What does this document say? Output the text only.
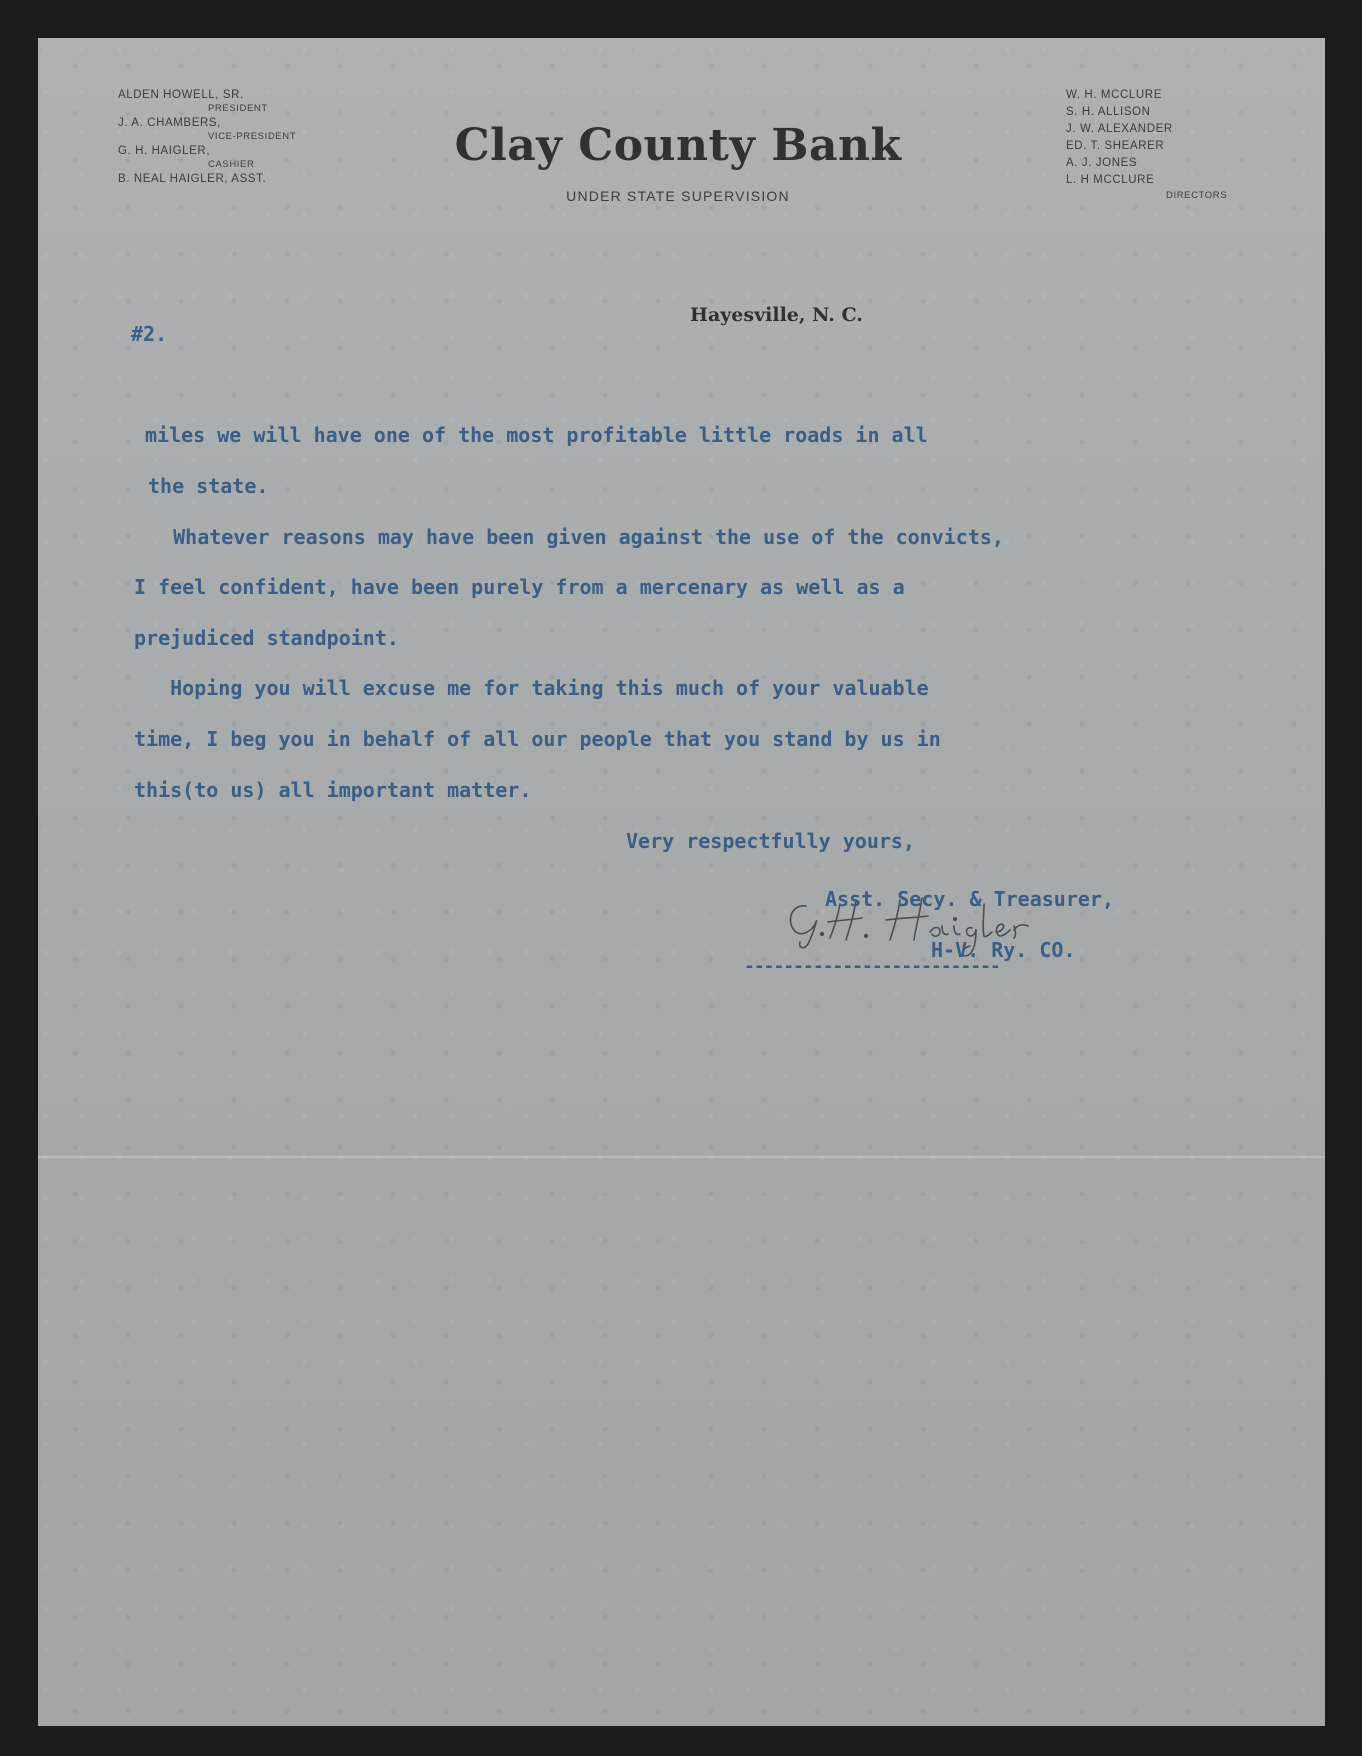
ALDEN HOWELL, SR.
PRESIDENT
J. A. CHAMBERS,
VICE-PRESIDENT
G. H. HAIGLER,
CASHIER
B. NEAL HAIGLER, ASST.
Clay County Bank
UNDER STATE SUPERVISION
W. H. MCCLURE
S. H. ALLISON
J. W. ALEXANDER
ED. T. SHEARER
A. J. JONES
L. H MCCLURE
DIRECTORS
Hayesville, N. C.
#2.
miles we will have one of the most profitable little roads in all
the state.
Whatever reasons may have been given against the use of the convicts,
I feel confident, have been purely from a mercenary as well as a
prejudiced standpoint.
Hoping you will excuse me for taking this much of your valuable
time, I beg you in behalf of all our people that you stand by us in
this(to us) all important matter.
Very respectfully yours,
--------------------------
Asst. Secy. & Treasurer,
H-V. Ry. CO.
